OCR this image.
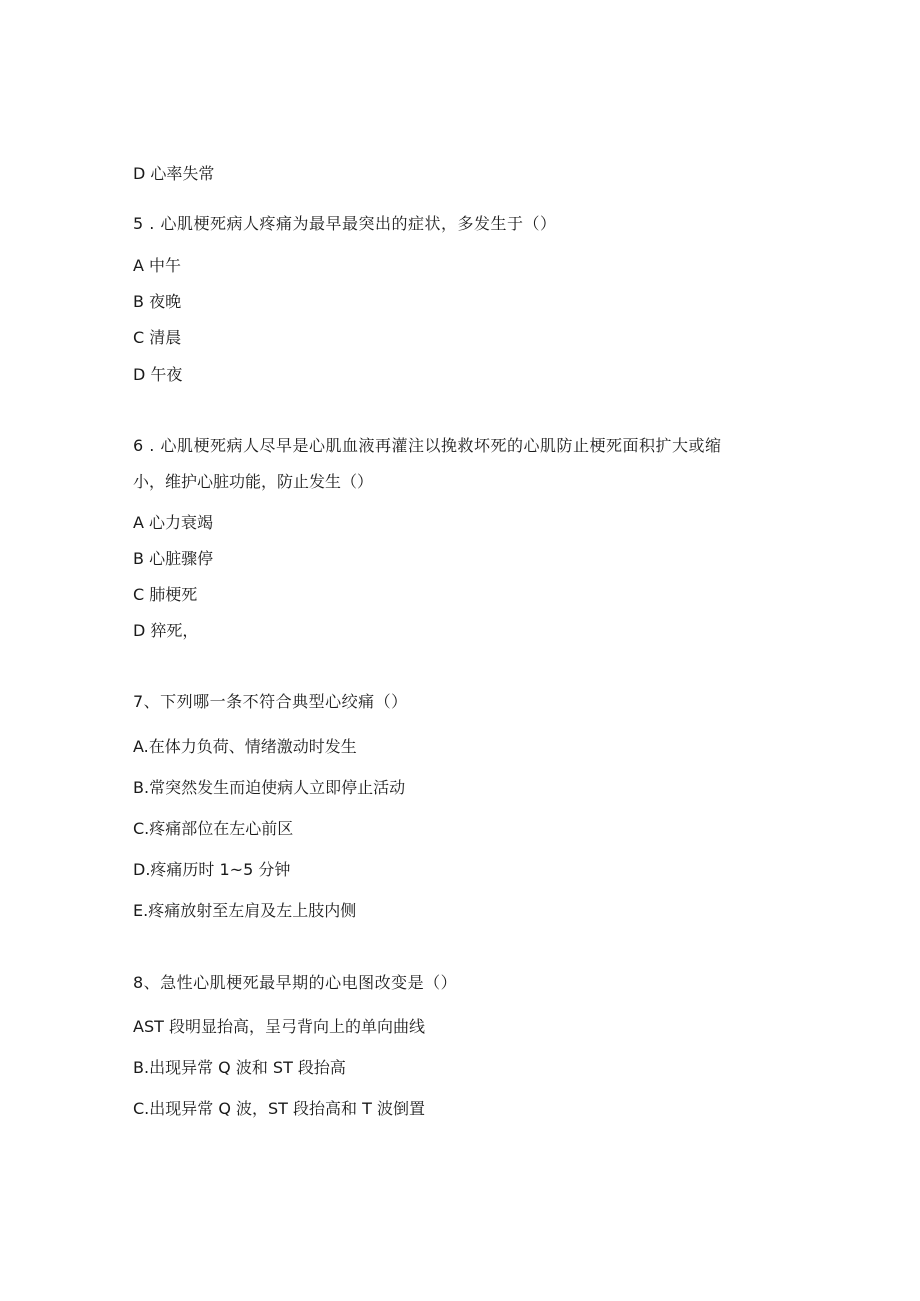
D 心率失常

5 . 心肌梗死病人疼痛为最早最突出的症状，多发生于（）

A 中午

B 夜晚

C 清晨

D 午夜

6 . 心肌梗死病人尽早是心肌血液再灌注以挽救坏死的心肌防止梗死面积扩大或缩

小，维护心脏功能，防止发生（）

A 心力衰竭

B 心脏骤停

C 肺梗死

D 猝死，

7、下列哪一条不符合典型心绞痛（）

A.在体力负荷、情绪激动时发生

B.常突然发生而迫使病人立即停止活动

C.疼痛部位在左心前区

D.疼痛历时 1~5 分钟

E.疼痛放射至左肩及左上肢内侧

8、急性心肌梗死最早期的心电图改变是（）

AST 段明显抬高，呈弓背向上的单向曲线

B.出现异常 Q 波和 ST 段抬高

C.出现异常 Q 波，ST 段抬高和 T 波倒置
